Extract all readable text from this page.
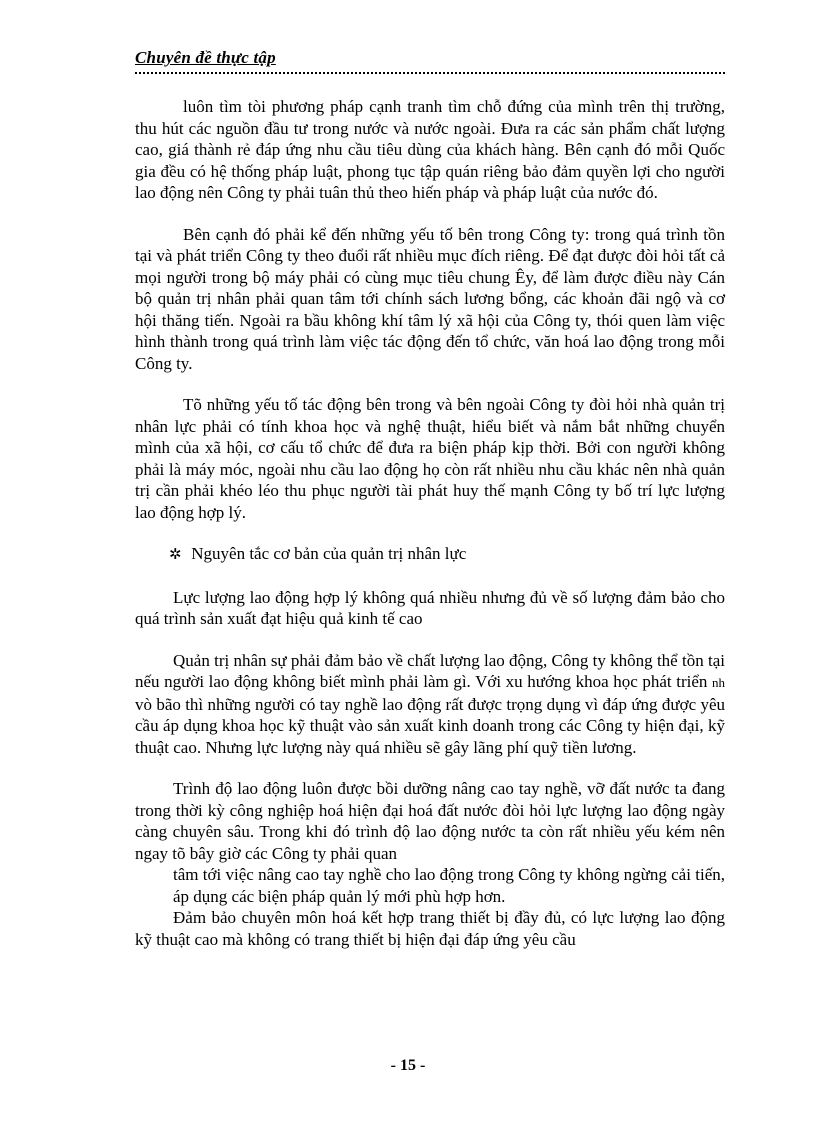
Chuyên đề thực tập

luôn tìm tòi phương pháp cạnh tranh tìm chỗ đứng của mình trên thị trường, thu hút các nguồn đầu tư trong nước và nước ngoài. Đưa ra các sản phẩm chất lượng cao, giá thành rẻ đáp ứng nhu cầu tiêu dùng của khách hàng. Bên cạnh đó mỗi Quốc gia đều có hệ thống pháp luật, phong tục tập quán riêng bảo đảm quyền lợi cho người lao động nên Công ty phải tuân thủ theo hiến pháp và pháp luật của nước đó.

Bên cạnh đó phải kể đến những yếu tố bên trong Công ty: trong quá trình tồn tại và phát triển Công ty theo đuổi rất nhiều mục đích riêng. Để đạt được đòi hỏi tất cả mọi người trong bộ máy phải có cùng mục tiêu chung Êy, để làm được điều này Cán bộ quản trị nhân phải quan tâm tới chính sách lương bổng, các khoản đãi ngộ và cơ hội thăng tiến. Ngoài ra bầu không khí tâm lý xã hội của Công ty, thói quen làm việc hình thành trong quá trình làm việc tác động đến tổ chức, văn hoá lao động trong mỗi Công ty.

Tõ những yếu tố tác động bên trong và bên ngoài Công ty đòi hỏi nhà quản trị nhân lực phải có tính khoa học và nghệ thuật, hiểu biết và nắm bắt những chuyển mình của xã hội, cơ cấu tổ chức để đưa ra biện pháp kịp thời. Bởi con người không phải là máy móc, ngoài nhu cầu lao động họ còn rất nhiều nhu cầu khác nên nhà quản trị cần phải khéo léo thu phục người tài phát huy thế mạnh Công ty bố trí lực lượng lao động hợp lý.

✲ Nguyên tắc cơ bản của quản trị nhân lực

Lực lượng lao động hợp lý không quá nhiều nhưng đủ về số lượng đảm bảo cho quá trình sản xuất đạt hiệu quả kinh tế cao

Quản trị nhân sự phải đảm bảo về chất lượng lao động, Công ty không thể tồn tại nếu người lao động không biết mình phải làm gì. Với xu hướng khoa học phát triển nh vò bão thì những người có tay nghề lao động rất được trọng dụng vì đáp ứng được yêu cầu áp dụng khoa học kỹ thuật vào sản xuất kinh doanh trong các Công ty hiện đại, kỹ thuật cao. Nhưng lực lượng này quá nhiều sẽ gây lãng phí quỹ tiền lương.

Trình độ lao động luôn được bồi dưỡng nâng cao tay nghề, vỡ đất nước ta đang trong thời kỳ công nghiệp hoá hiện đại hoá đất nước đòi hỏi lực lượng lao động ngày càng chuyên sâu. Trong khi đó trình độ lao động nước ta còn rất nhiều yếu kém nên ngay tõ bây giờ các Công ty phải quan

tâm tới việc nâng cao tay nghề cho lao động trong Công ty không ngừng cải tiến, áp dụng các biện pháp quản lý mới phù hợp hơn.

Đảm bảo chuyên môn hoá kết hợp trang thiết bị đầy đủ, có lực lượng lao động kỹ thuật cao mà không có trang thiết bị hiện đại đáp ứng yêu cầu

- 15 -
